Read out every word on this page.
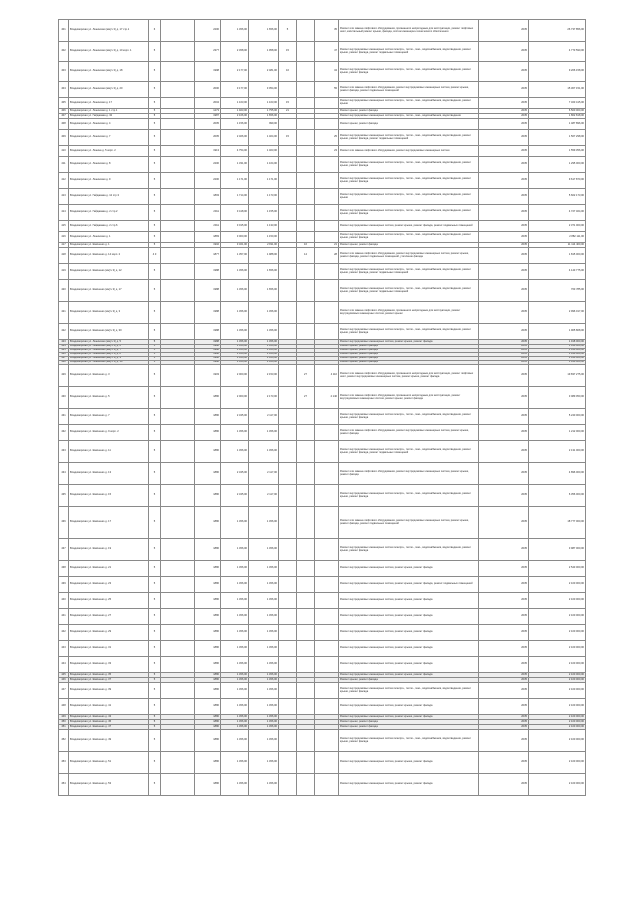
401	Владимирская ул. Ленинская (кв/уч 3) д. 17 стр.1	6		2200	1 456,00	1 656,00	5		35	Ремонт или замена лифтового оборудования, признанного непригодным для эксплуатации, ремонт лифтовых шахт, капитальный ремонт крыши, фасада, систем инженерно-технического обеспечения	2035	26 737 856,00
402	Владимирская ул. Ленинская (кв/уч 3) д. 10 корп. 1	5		2377	2 458,00	1 958,00	15		47	Ремонт внутридомовых инженерных систем электро-, тепло-, газо-, водоснабжения, водоотведения, ремонт крыши, ремонт фасада, ремонт подвальных помещений	2035	4 773 590,00
403	Владимирская ул. Ленинская (кв/уч 3) д. 18	5		1998	2 177,00	2 481,00	16		34	Ремонт внутридомовых инженерных систем электро-, тепло-, газо-, водоснабжения, водоотведения, ремонт крыши, ремонт фасада	2035	9 206 158,00
404	Владимирская ул. Ленинская (кв/уч 3) д. 20	5		2000	3 177,00	3 054,00			55	Ремонт или замена лифтового оборудования, ремонт внутридомовых инженерных систем, ремонт крыши, ремонт фасада, ремонт подвальных помещений	2035	15 307 151,00
405	Владимирская ул. Ленинская д. 17	5		2004	1 163,00	1 163,00	15			Ремонт внутридомовых инженерных систем электро-, тепло-, газо-, водоснабжения, водоотведения, ремонт крыши	2035	7 323 415,00
406	Владимирская ул. Ленинская д. 1 стр.1	5		1273	1 923,00	1 755,00	21			Ремонт крыши, ремонт фасада	2035	6 500 000,00
407	Владимирская ул. Гайдамака д. 32	5		1987	2 166,00	1 656,00				Ремонт внутридомовых инженерных систем электро-, тепло-, газо-, водоснабжения, водоотведения	2035	1 862 818,00
408	Владимирская ул. Ленинская д. 4	5		2005	1 156,00	999,00				Ремонт крыши, ремонт фасада	2035	1 487 896,00
409	Владимирская ул. Ленинская д. 7	5		2005	2 466,00	1 404,00	15		25	Ремонт внутридомовых инженерных систем электро-, тепло-, газо-, водоснабжения, водоотведения, ремонт крыши, ремонт фасада, ремонт подвальных помещений	2035	1 567 298,00
410	Владимирская ул. Ленина д. 5 корп. 2	5		1913	4 754,00	1 403,00			23	Ремонт или замена лифтового оборудования, ремонт внутридомовых инженерных систем	2035	1 559 356,00
411	Владимирская ул. Ленинская д. 8	5		2200	1 331,00	1 164,00				Ремонт внутридомовых инженерных систем электро-, тепло-, газо-, водоснабжения, водоотведения, ремонт крыши, ремонт фасада	2035	1 295 000,00
412	Владимирская ул. Ленинская д. 9	5		2200	1 171,00	1 171,00				Ремонт внутридомовых инженерных систем электро-, тепло-, газо-, водоснабжения, водоотведения, ремонт крыши, ремонт фасада	2035	9 617 870,00
413	Владимирская ул. Гайдамака д. 12 стр.3	5		1893	1 714,00	1 173,00				Ремонт внутридомовых инженерных систем электро-, тепло-, газо-, водоснабжения, водоотведения, ремонт крыши	2035	5 602 173,00
414	Владимирская ул. Гайдамака д. 2 стр.2	5		2011	3 418,00	1 155,00				Ремонт внутридомовых инженерных систем электро-, тепло-, газо-, водоснабжения, водоотведения, ремонт крыши, ремонт фасада	2035	4 727 464,00
415	Владимирская ул. Гайдамака д. 2 стр.6	5		2011	3 015,00	1 133,00				Ремонт внутридомовых инженерных систем, ремонт крыши, ремонт фасада, ремонт подвальных помещений	2035	2 371 000,00
416	Владимирская ул. Ленинская д. 1	5		1883	3 000,00	1 150,00				Ремонт внутридомовых инженерных систем электро-, тепло-, газо-, водоснабжения, водоотведения, ремонт крыши, ремонт фасада	2035	2 882 111,00
417	Владимирская ул. Шевченко д. 1	5		1902	3 321,00	2 811,00		16	21	Ремонт крыши, ремонт фасада	2035	11 114 400,00
418	Владимирская ул. Шевченко д. 14 корп. 2	4 3		1877	1 357,00	1 988,00		14	28	Ремонт или замена лифтового оборудования, ремонт внутридомовых инженерных систем, ремонт крыши, ремонт фасада, ремонт подвальных помещений, утепление фасада	2035	1 815 000,00
419	Владимирская ул. Шевченко (кв/уч 3) д. 12	5		1988	1 456,00	1 656,00				Ремонт внутридомовых инженерных систем электро-, тепло-, газо-, водоснабжения, водоотведения, ремонт крыши, ремонт фасада, ремонт подвальных помещений	2035	4 143 775,00
420	Владимирская ул. Шевченко (кв/уч 3) д. 17	5		1988	1 456,00	1 656,00				Ремонт внутридомовых инженерных систем электро-, тепло-, газо-, водоснабжения, водоотведения, ремонт крыши, ремонт фасада, ремонт подвальных помещений	2035	763 785,00
421	Владимирская ул. Шевченко (кв/уч 3) д. 3	5		1988	1 456,00	1 456,00				Ремонт или замена лифтового оборудования, признанного непригодным для эксплуатации, ремонт внутридомовых инженерных систем, ремонт крыши	2035	2 996 017,00
422	Владимирская ул. Шевченко (кв/уч 3) д. 30	5		1988	1 456,00	1 456,00				Ремонт внутридомовых инженерных систем электро-, тепло-, газо-, водоснабжения, водоотведения, ремонт крыши, ремонт фасада	2035	1 905 808,00
423	Владимирская ул. Ленинская (кв/уч 3) д. 5	5		1988	1 456,00	1 456,00				Ремонт внутридомовых инженерных систем, ремонт крыши, ремонт фасада	2035	1 918 000,00
424	Владимирская ул. Ленинская (кв/уч 3) д. 6	5		1988	1 456,00	1 456,00				Ремонт крыши, ремонт фасада	2035	1 918 000,00
425	Владимирская ул. Ленинская (кв/уч 3) д. 7	5		1988	1 456,00	1 456,00				Ремонт крыши, ремонт фасада	2035	1 918 000,00
426	Владимирская ул. Ленинская (кв/уч 3) д. 8	5		1988	1 456,00	1 456,00				Ремонт крыши, ремонт фасада	2035	1 918 000,00
427	Владимирская ул. Ленинская (кв/уч 3) д. 9	5		1988	1 456,00	1 456,00				Ремонт крыши, ремонт фасада	2035	1 918 000,00
428	Владимирская ул. Ленинская (кв/уч 3) д. 10	5		1988	1 456,00	1 456,00				Ремонт крыши, ремонт фасада	2035	1 918 000,00
429	Владимирская ул. Шевченко д. 3	5		1903	2 000,00	2 153,00		27	4 110	Ремонт или замена лифтового оборудования, признанного непригодным для эксплуатации, ремонт лифтовых шахт, ремонт внутридомовых инженерных систем, ремонт крыши, ремонт фасада	2035	19 837 275,00
430	Владимирская ул. Шевченко д. 5	5		1880	2 000,00	2 173,00		27	4 140	Ремонт или замена лифтового оборудования, признанного непригодным для эксплуатации, ремонт внутридомовых инженерных систем, ремонт крыши, ремонт фасада	2035	3 089 050,00
431	Владимирская ул. Шевченко д. 7	5		1880	2 345,00	2 117,00				Ремонт внутридомовых инженерных систем электро-, тепло-, газо-, водоснабжения, водоотведения, ремонт крыши, ремонт фасада	2035	5 240 000,00
432	Владимирская ул. Шевченко д. 9 корп. 2	5		1880	1 456,00	1 456,00				Ремонт или замена лифтового оборудования, ремонт внутридомовых инженерных систем, ремонт крыши, ремонт фасада	2035	1 212 000,00
433	Владимирская ул. Шевченко д. 11	5		1880	1 456,00	1 456,00				Ремонт внутридомовых инженерных систем электро-, тепло-, газо-, водоснабжения, водоотведения, ремонт крыши, ремонт фасада, ремонт подвальных помещений	2035	2 131 000,00
434	Владимирская ул. Шевченко д. 13	5		1880	2 345,00	2 117,00				Ремонт или замена лифтового оборудования, ремонт внутридомовых инженерных систем, ремонт крыши, ремонт фасада	2035	4 896 000,00
435	Владимирская ул. Шевченко д. 15	5		1880	2 345,00	2 117,00				Ремонт внутридомовых инженерных систем электро-, тепло-, газо-, водоснабжения, водоотведения, ремонт крыши, ремонт фасада	2035	6 356 000,00
436	Владимирская ул. Шевченко д. 17	5		1880	1 456,00	1 456,00				Ремонт или замена лифтового оборудования, ремонт внутридомовых инженерных систем, ремонт крыши, ремонт фасада, ремонт подвальных помещений	2035	18 777 000,00
437	Владимирская ул. Шевченко д. 19	5		1880	1 456,00	1 456,00				Ремонт внутридомовых инженерных систем электро-, тепло-, газо-, водоснабжения, водоотведения, ремонт крыши, ремонт фасада	2035	3 987 000,00
438	Владимирская ул. Шевченко д. 21	5		1880	1 456,00	1 456,00				Ремонт внутридомовых инженерных систем, ремонт крыши, ремонт фасада	2035	2 543 000,00
439	Владимирская ул. Шевченко д. 23	5		1880	1 456,00	1 456,00				Ремонт внутридомовых инженерных систем, ремонт крыши, ремонт фасада, ремонт подвальных помещений	2035	2 100 000,00
440	Владимирская ул. Шевченко д. 25	5		1880	1 456,00	1 456,00				Ремонт внутридомовых инженерных систем, ремонт крыши, ремонт фасада	2035	2 100 000,00
441	Владимирская ул. Шевченко д. 27	5		1880	1 456,00	1 456,00				Ремонт внутридомовых инженерных систем, ремонт крыши, ремонт фасада	2035	2 100 000,00
442	Владимирская ул. Шевченко д. 29	5		1880	1 456,00	1 456,00				Ремонт внутридомовых инженерных систем, ремонт крыши, ремонт фасада	2035	2 100 000,00
443	Владимирская ул. Шевченко д. 31	5		1880	1 456,00	1 456,00				Ремонт внутридомовых инженерных систем, ремонт крыши, ремонт фасада	2035	2 100 000,00
444	Владимирская ул. Шевченко д. 33	5		1880	1 456,00	1 456,00				Ремонт внутридомовых инженерных систем, ремонт крыши, ремонт фасада	2035	2 100 000,00
445	Владимирская ул. Шевченко д. 35	5		1880	1 456,00	1 456,00				Ремонт внутридомовых инженерных систем, ремонт крыши, ремонт фасада	2035	2 100 000,00
446	Владимирская ул. Шевченко д. 37	5		1880	1 456,00	1 456,00				Ремонт крыши, ремонт фасада	2035	2 100 000,00
447	Владимирская ул. Шевченко д. 39	5		1880	1 456,00	1 456,00				Ремонт внутридомовых инженерных систем электро-, тепло-, газо-, водоснабжения, водоотведения, ремонт крыши, ремонт фасада	2035	2 100 000,00
448	Владимирская ул. Шевченко д. 41	5		1880	1 456,00	1 456,00				Ремонт внутридомовых инженерных систем, ремонт крыши, ремонт фасада	2035	2 100 000,00
449	Владимирская ул. Шевченко д. 43	5		1880	1 456,00	1 456,00				Ремонт внутридомовых инженерных систем, ремонт крыши, ремонт фасада	2035	2 100 000,00
450	Владимирская ул. Шевченко д. 45	5		1880	1 456,00	1 456,00				Ремонт крыши, ремонт фасада	2035	2 100 000,00
451	Владимирская ул. Шевченко д. 47	5		1880	1 456,00	1 456,00				Ремонт крыши, ремонт фасада	2035	2 100 000,00
452	Владимирская ул. Шевченко д. 49	5		1880	1 456,00	1 456,00				Ремонт внутридомовых инженерных систем электро-, тепло-, газо-, водоснабжения, водоотведения, ремонт крыши, ремонт фасада	2035	2 100 000,00
453	Владимирская ул. Шевченко д. 51	5		1880	1 456,00	1 456,00				Ремонт внутридомовых инженерных систем, ремонт крыши, ремонт фасада	2035	2 100 000,00
454	Владимирская ул. Шевченко д. 53	5		1880	1 456,00	1 456,00				Ремонт внутридомовых инженерных систем, ремонт крыши, ремонт фасада	2035	2 100 000,00
